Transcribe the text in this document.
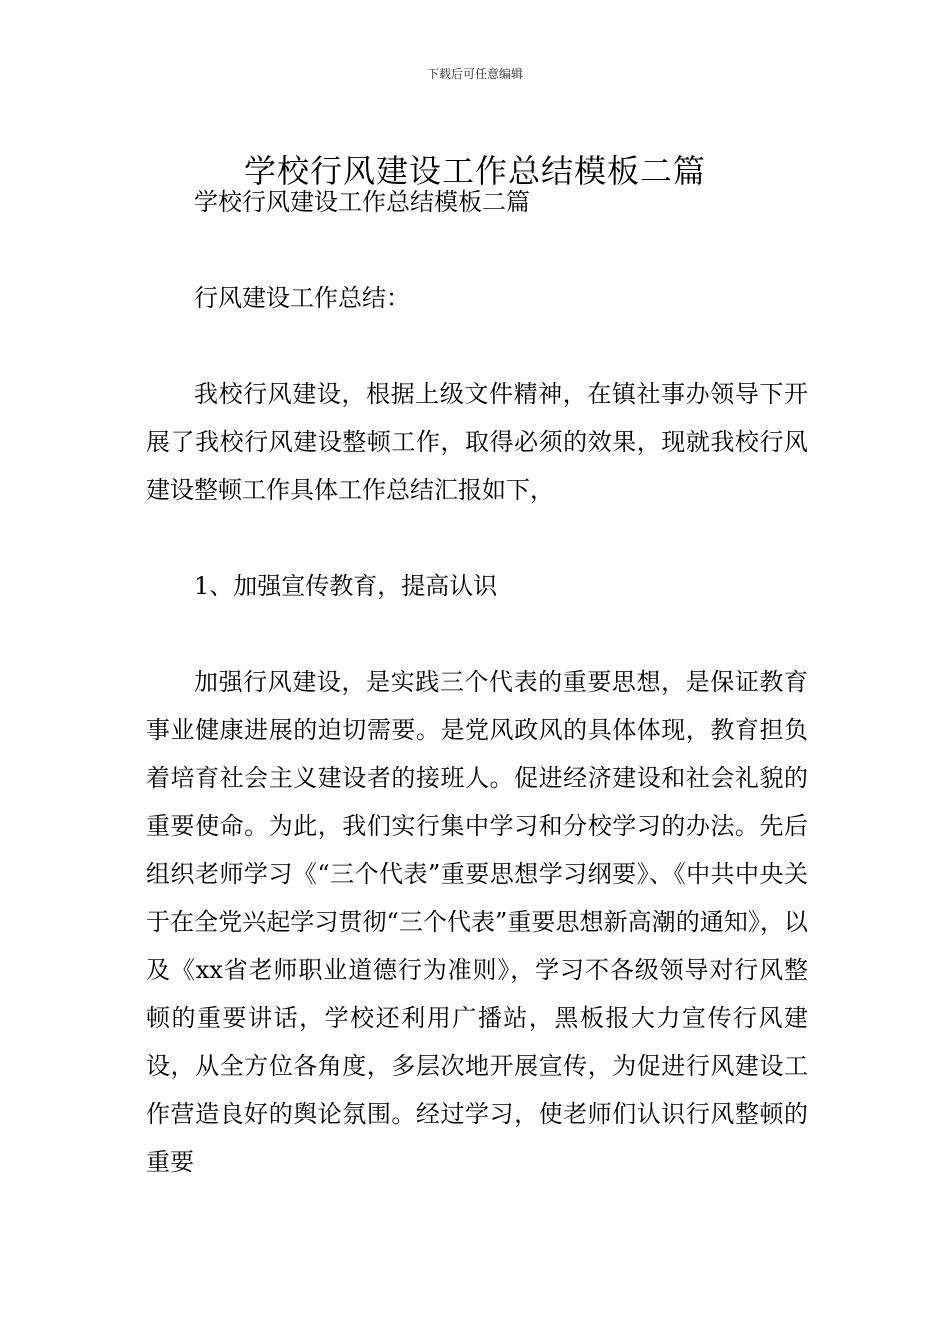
下载后可任意编辑
学校行风建设工作总结模板二篇

学校行风建设工作总结模板二篇

行风建设工作总结：

我校行风建设，根据上级文件精神，在镇社事办领导下开展了我校行风建设整顿工作，取得必须的效果，现就我校行风建设整顿工作具体工作总结汇报如下，

1、加强宣传教育，提高认识

加强行风建设，是实践三个代表的重要思想，是保证教育事业健康进展的迫切需要。是党风政风的具体体现，教育担负着培育社会主义建设者的接班人。促进经济建设和社会礼貌的重要使命。为此，我们实行集中学习和分校学习的办法。先后组织老师学习《“三个代表”重要思想学习纲要》、《中共中央关于在全党兴起学习贯彻“三个代表”重要思想新高潮的通知》，以及《xx省老师职业道德行为准则》，学习不各级领导对行风整顿的重要讲话，学校还利用广播站，黑板报大力宣传行风建设，从全方位各角度，多层次地开展宣传，为促进行风建设工作营造良好的舆论氛围。经过学习，使老师们认识行风整顿的重要
